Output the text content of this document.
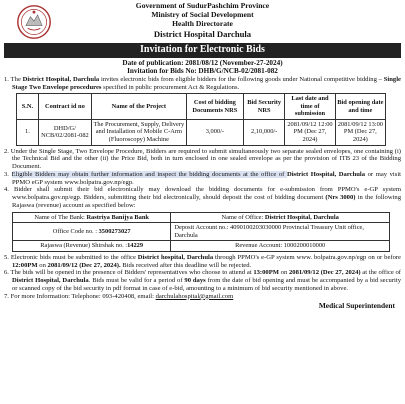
Government of SudurPashchim Province
Ministry of Social Development
Health Directorate
District Hospital Darchula
Invitation for Electronic Bids
Date of publication: 2081/08/12 (November-27-2024)
Invitation for Bids No: DHB/G/NCB-02/2081-082

1. The District Hospital, Darchula invites electronic bids from eligible bidders for the following goods under National competitive bidding – Single Stage Two Envelope procedures specified in public procurement Act & Regulations.

S.N.	Contract id no	Name of the Project	Cost of bidding Documents NRS	Bid Security NRS	Last date and time of submission	Bid opening date and time
1.	DHD/G/ NCB/02/2081-082	The Procurement, Supply, Delivery and Installation of Mobile C-Arm (Fluoroscopy) Machine	3,000/-	2,10,000/-	2081/09/12 12:00 PM (Dec 27, 2024)	2081/09/12 13:00 PM (Dec 27, 2024)

2. Under the Single Stage, Two Envelope Procedure, Bidders are required to submit simultaneously two separate sealed envelopes, one containing (i) the Technical Bid and the other (ii) the Price Bid, both in turn enclosed in one sealed envelope as per the provision of ITB 23 of the Bidding Document.

3. Eligible Bidders may obtain further information and inspect the bidding documents at the office of District Hospital, Darchula or may visit PPMO eGP system www.bolpatra.gov.np/egp.

4. Bidder shall submit their bid electronically may download the bidding documents for e-submission from PPMO's e-GP system www.bolpatra.gov.np/egp. Bidders, submitting their bid electronically, should deposit the cost of bidding document (Nrs 3000) in the following Rajaswa (revenue) account as specified below:

Name of The Bank: Rastriya Banijya Bank	Name of Office: District Hospital, Darchula
Office Code no. : 3500273027	Deposit Account no.: 4090100203030000 Provincial Treasury Unit office, Darchula
Rajaswa (Revenue) Shirshak no. :14229	Revenue Account: 1000200010000

5. Electronic bids must be submitted to the office District hospital, Darchula through PPMO's e-GP system www. bolpatra.gov.np/egp on or before 12:00PM on 2081/09/12 (Dec 27, 2024). Bids received after this deadline will be rejected.

6. The bids will be opened in the presence of Bidders' representatives who choose to attend at 13:00PM on 2081/09/12 (Dec 27, 2024) at the office of District Hospital, Darchula. Bids must be valid for a period of 90 days from the date of bid opening and must be accompanied by a bid security or scanned copy of the bid security in pdf format in case of e-bid, amounting to a minimum of bid security mentioned in above.

7. For more Information: Telephone: 093-420408, email: darchulahospital@gmail.com

Medical Superintendent
